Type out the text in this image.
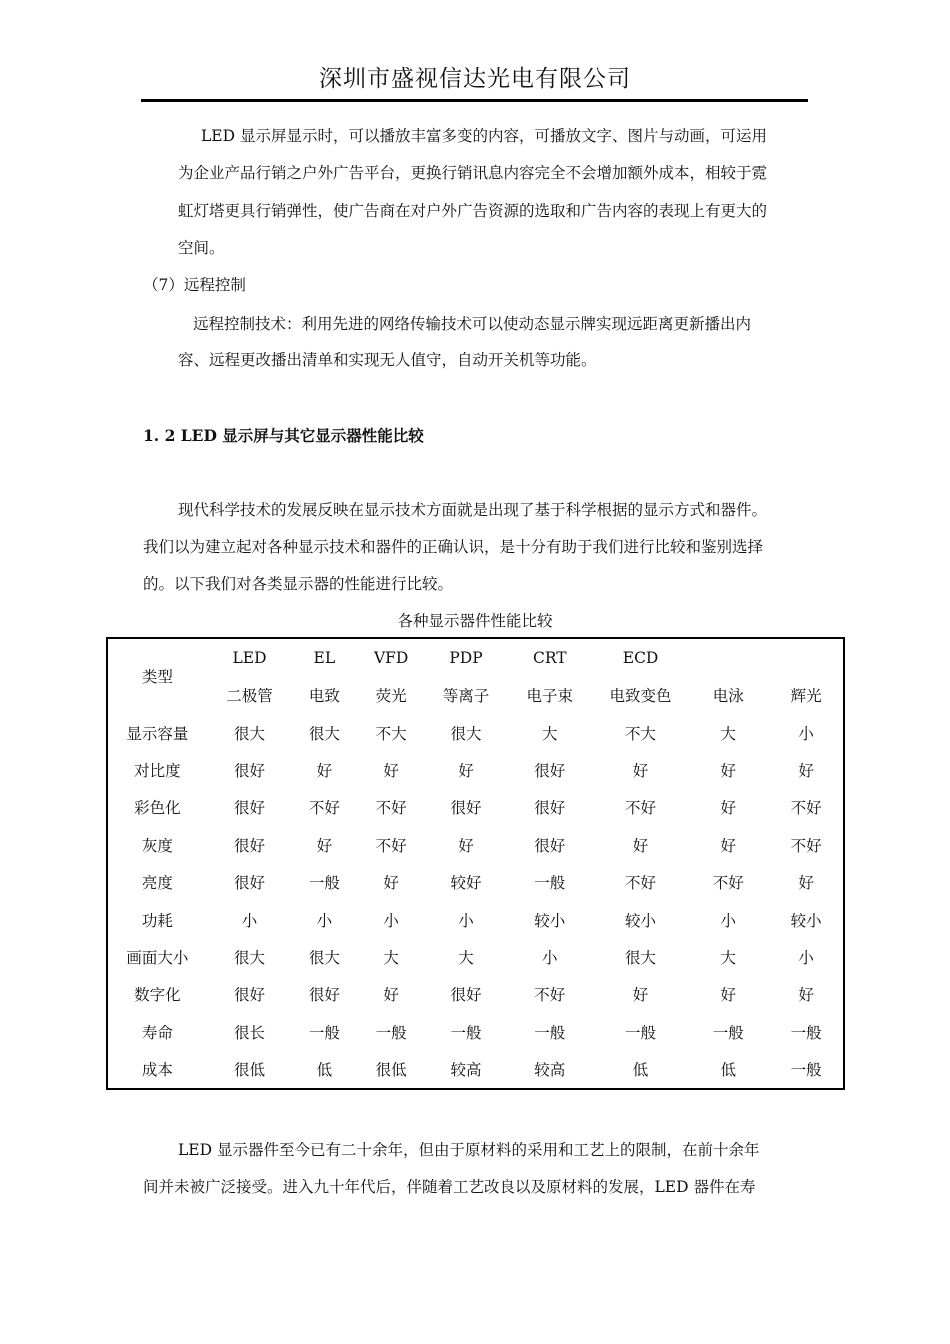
深圳市盛视信达光电有限公司
LED 显示屏显示时，可以播放丰富多变的内容，可播放文字、图片与动画，可运用
为企业产品行销之户外广告平台，更换行销讯息内容完全不会增加额外成本，相较于霓
虹灯塔更具行销弹性，使广告商在对户外广告资源的选取和广告内容的表现上有更大的
空间。
（7）远程控制
远程控制技术：利用先进的网络传输技术可以使动态显示牌实现远距离更新播出内
容、远程更改播出清单和实现无人值守，自动开关机等功能。
1. 2 LED 显示屏与其它显示器性能比较
现代科学技术的发展反映在显示技术方面就是出现了基于科学根据的显示方式和器件。
我们以为建立起对各种显示技术和器件的正确认识，是十分有助于我们进行比较和鉴别选择
的。以下我们对各类显示器的性能进行比较。
各种显示器件性能比较
类型	LED	EL	VFD	PDP	CRT	ECD		
	二极管	电致	荧光	等离子	电子束	电致变色	电泳	辉光
显示容量	很大	很大	不大	很大	大	不大	大	小
对比度	很好	好	好	好	很好	好	好	好
彩色化	很好	不好	不好	很好	很好	不好	好	不好
灰度	很好	好	不好	好	很好	好	好	不好
亮度	很好	一般	好	较好	一般	不好	不好	好
功耗	小	小	小	小	较小	较小	小	较小
画面大小	很大	很大	大	大	小	很大	大	小
数字化	很好	很好	好	很好	不好	好	好	好
寿命	很长	一般	一般	一般	一般	一般	一般	一般
成本	很低	低	很低	较高	较高	低	低	一般
LED 显示器件至今已有二十余年，但由于原材料的采用和工艺上的限制，在前十余年
间并未被广泛接受。进入九十年代后，伴随着工艺改良以及原材料的发展，LED 器件在寿
